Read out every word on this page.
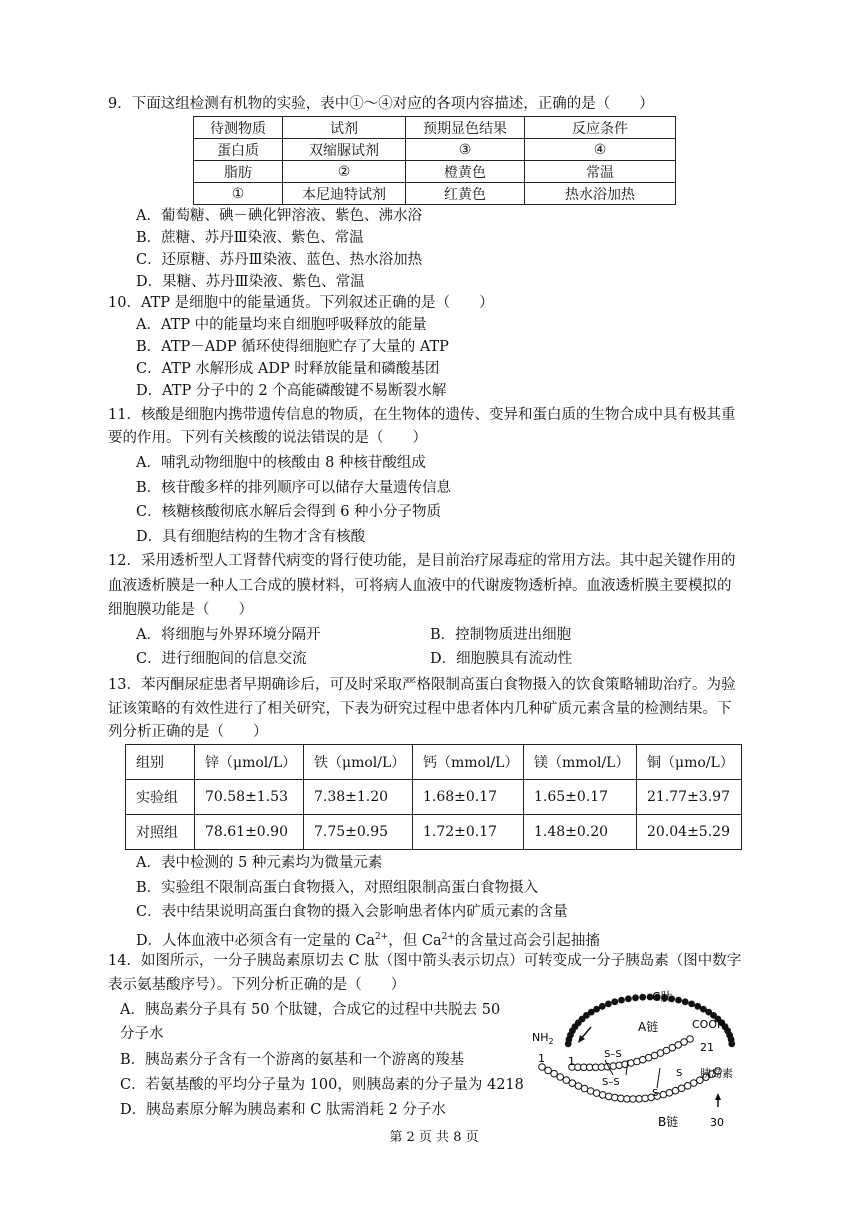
9．下面这组检测有机物的实验，表中①～④对应的各项内容描述，正确的是（　　）
待测物质	试剂	预期显色结果	反应条件
蛋白质	双缩脲试剂	③	④
脂肪	②	橙黄色	常温
①	本尼迪特试剂	红黄色	热水浴加热
A．葡萄糖、碘－碘化钾溶液、紫色、沸水浴
B．蔗糖、苏丹Ⅲ染液、紫色、常温
C．还原糖、苏丹Ⅲ染液、蓝色、热水浴加热
D．果糖、苏丹Ⅲ染液、紫色、常温
10．ATP 是细胞中的能量通货。下列叙述正确的是（　　）
A．ATP 中的能量均来自细胞呼吸释放的能量
B．ATP－ADP 循环使得细胞贮存了大量的 ATP
C．ATP 水解形成 ADP 时释放能量和磷酸基团
D．ATP 分子中的 2 个高能磷酸键不易断裂水解
11．核酸是细胞内携带遗传信息的物质，在生物体的遗传、变异和蛋白质的生物合成中具有极其重
要的作用。下列有关核酸的说法错误的是（　　）
A．哺乳动物细胞中的核酸由 8 种核苷酸组成
B．核苷酸多样的排列顺序可以储存大量遗传信息
C．核糖核酸彻底水解后会得到 6 种小分子物质
D．具有细胞结构的生物才含有核酸
12．采用透析型人工肾替代病变的肾行使功能，是目前治疗尿毒症的常用方法。其中起关键作用的
血液透析膜是一种人工合成的膜材料，可将病人血液中的代谢废物透析掉。血液透析膜主要模拟的
细胞膜功能是（　　）
A．将细胞与外界环境分隔开	B．控制物质进出细胞
C．进行细胞间的信息交流	D．细胞膜具有流动性
13．苯丙酮尿症患者早期确诊后，可及时采取严格限制高蛋白食物摄入的饮食策略辅助治疗。为验
证该策略的有效性进行了相关研究，下表为研究过程中患者体内几种矿质元素含量的检测结果。下
列分析正确的是（　　）
组别	锌（μmol/L）	铁（μmol/L）	钙（mmol/L）	镁（mmol/L）	铜（μmo/L）
实验组	70.58±1.53	7.38±1.20	1.68±0.17	1.65±0.17	21.77±3.97
对照组	78.61±0.90	7.75±0.95	1.72±0.17	1.48±0.20	20.04±5.29
A．表中检测的 5 种元素均为微量元素
B．实验组不限制高蛋白食物摄入，对照组限制高蛋白食物摄入
C．表中结果说明高蛋白食物的摄入会影响患者体内矿质元素的含量
D．人体血液中必须含有一定量的 $Ca^{2+}$，但 $Ca^{2+}$的含量过高会引起抽搐
14．如图所示，一分子胰岛素原切去 C 肽（图中箭头表示切点）可转变成一分子胰岛素（图中数字
表示氨基酸序号）。下列分析正确的是（　　）
A．胰岛素分子具有 50 个肽键，合成它的过程中共脱去 50
分子水
B．胰岛素分子含有一个游离的氨基和一个游离的羧基
C．若氨基酸的平均分子量为 100，则胰岛素的分子量为 4218
D．胰岛素原分解为胰岛素和 C 肽需消耗 2 分子水
C肽
A链	COOH
$NH_2$
1 1
21
胰岛素
B链	30
S–S
S–S
S
S
第 2 页 共 8 页
